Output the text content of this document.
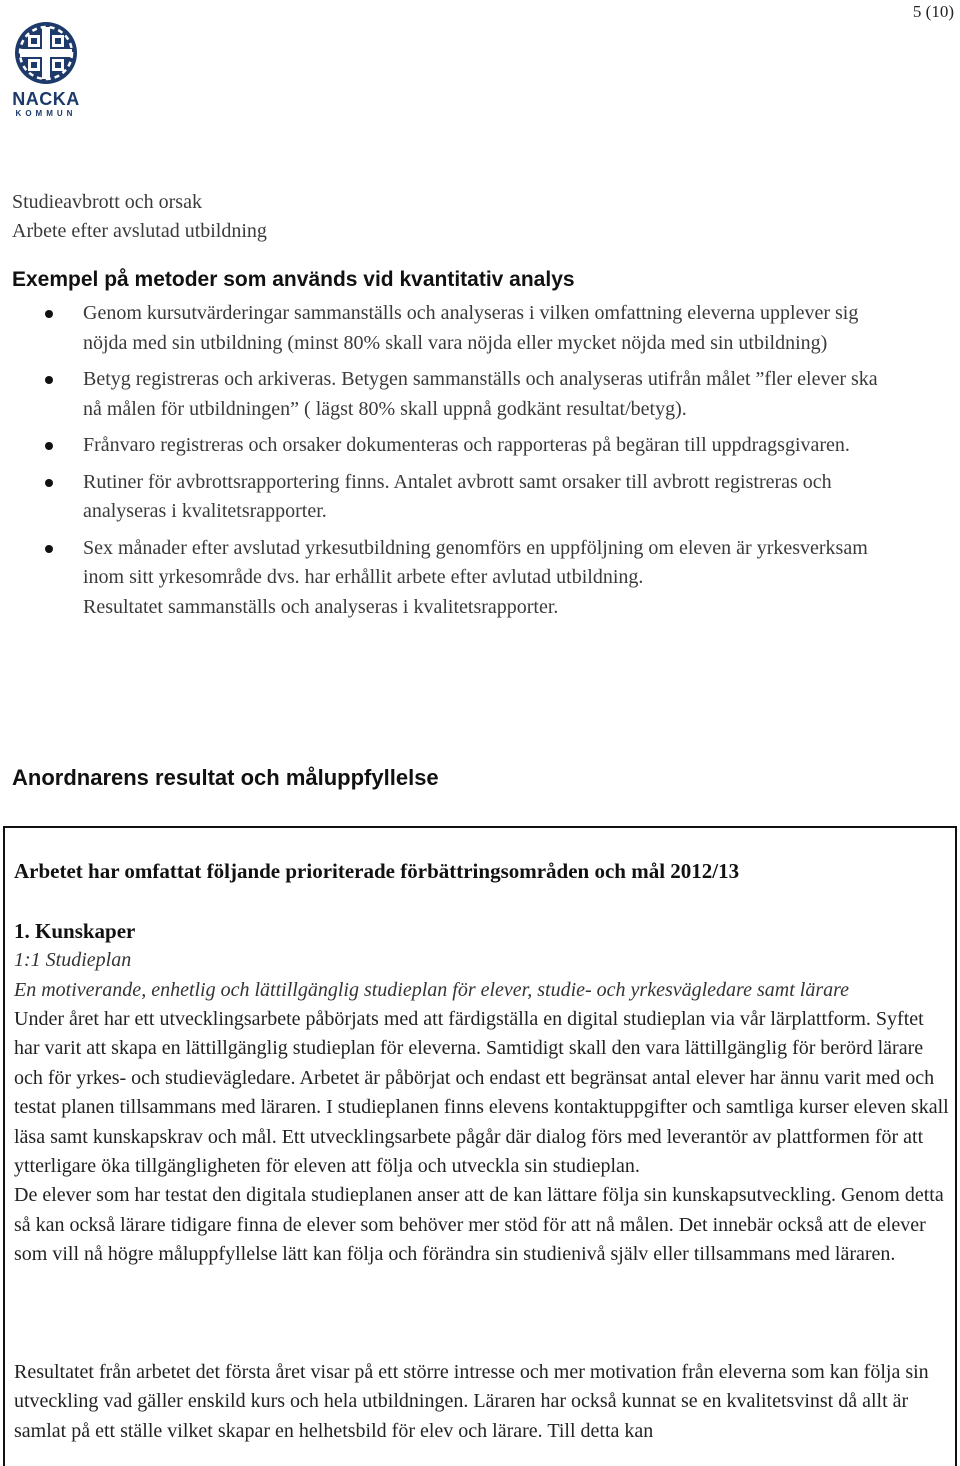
5 (10)
NACKA
KOMMUN
Studieavbrott och orsak
Arbete efter avslutad utbildning
Exempel på metoder som används vid kvantitativ analys
Genom kursutvärderingar sammanställs och analyseras i vilken omfattning eleverna upplever sig nöjda med sin utbildning (minst 80% skall vara nöjda eller mycket nöjda med sin utbildning)
Betyg registreras och arkiveras. Betygen sammanställs och analyseras utifrån målet ”fler elever ska nå målen för utbildningen” ( lägst 80% skall uppnå godkänt resultat/betyg).
Frånvaro registreras och orsaker dokumenteras och rapporteras på begäran till uppdragsgivaren.
Rutiner för avbrottsrapportering finns. Antalet avbrott samt orsaker till avbrott registreras och analyseras i kvalitetsrapporter.
Sex månader efter avslutad yrkesutbildning genomförs en uppföljning om eleven är yrkesverksam inom sitt yrkesområde dvs. har erhållit arbete efter avlutad utbildning.
Resultatet sammanställs och analyseras i kvalitetsrapporter.
Anordnarens resultat och måluppfyllelse
Arbetet har omfattat följande prioriterade förbättringsområden och mål 2012/13
1. Kunskaper
1:1 Studieplan
En motiverande, enhetlig och lättillgänglig studieplan för elever, studie- och yrkesvägledare samt lärare

Under året har ett utvecklingsarbete påbörjats med att färdigställa en digital studieplan via vår lärplattform. Syftet har varit att skapa en lättillgänglig studieplan för eleverna. Samtidigt skall den vara lättillgänglig för berörd lärare och för yrkes- och studievägledare. Arbetet är påbörjat och endast ett begränsat antal elever har ännu varit med och testat planen tillsammans med läraren. I studieplanen finns elevens kontaktuppgifter och samtliga kurser eleven skall läsa samt kunskapskrav och mål. Ett utvecklingsarbete pågår där dialog förs med leverantör av plattformen för att ytterligare öka tillgängligheten för eleven att följa och utveckla sin studieplan.

De elever som har testat den digitala studieplanen anser att de kan lättare följa sin kunskapsutveckling. Genom detta så kan också lärare tidigare finna de elever som behöver mer stöd för att nå målen. Det innebär också att de elever som vill nå högre måluppfyllelse lätt kan följa och förändra sin studienivå själv eller tillsammans med läraren.

Resultatet från arbetet det första året visar på ett större intresse och mer motivation från eleverna som kan följa sin utveckling vad gäller enskild kurs och hela utbildningen. Läraren har också kunnat se en kvalitetsvinst då allt är samlat på ett ställe vilket skapar en helhetsbild för elev och lärare. Till detta kan
